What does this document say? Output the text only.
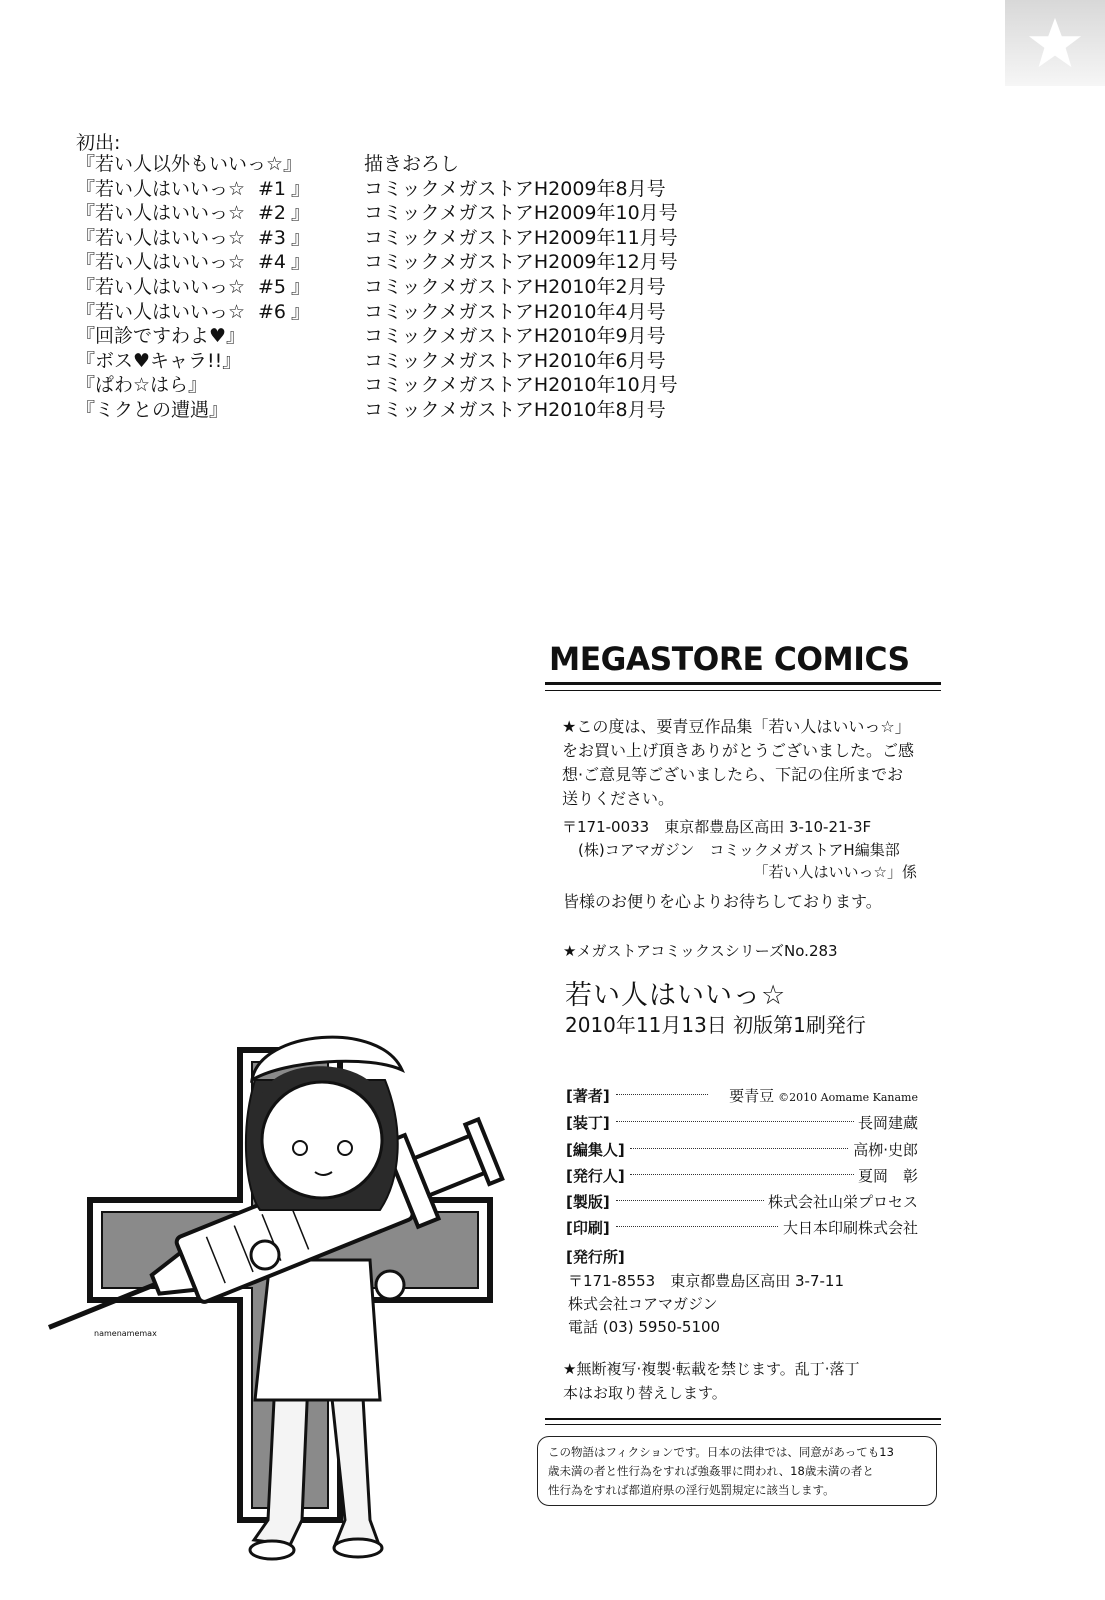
初出:
『若い人以外もいいっ☆』	描きおろし
『若い人はいいっ☆ #1 』	コミックメガストアH2009年8月号
『若い人はいいっ☆ #2 』	コミックメガストアH2009年10月号
『若い人はいいっ☆ #3 』	コミックメガストアH2009年11月号
『若い人はいいっ☆ #4 』	コミックメガストアH2009年12月号
『若い人はいいっ☆ #5 』	コミックメガストアH2010年2月号
『若い人はいいっ☆ #6 』	コミックメガストアH2010年4月号
『回診ですわよ♥』	コミックメガストアH2010年9月号
『ボス♥キャラ!!』	コミックメガストアH2010年6月号
『ぱわ☆はら』	コミックメガストアH2010年10月号
『ミクとの遭遇』	コミックメガストアH2010年8月号
namenamemax
MEGASTORE COMICS
★この度は、要青豆作品集「若い人はいいっ☆」
をお買い上げ頂きありがとうございました。ご感
想·ご意見等ございましたら、下記の住所までお
送りください。
〒171-0033　東京都豊島区高田 3-10-21-3F
(株)コアマガジン　コミックメガストアH編集部
「若い人はいいっ☆」係
皆様のお便りを心よりお待ちしております。
★メガストアコミックスシリーズNo.283
若い人はいいっ☆
2010年11月13日 初版第1刷発行
[著者]	要青豆 ©2010 Aomame Kaname
[装丁]	長岡建蔵
[編集人]	高栁·史郎
[発行人]	夏岡　彰
[製版]	株式会社山栄プロセス
[印刷]	大日本印刷株式会社
[発行所]
〒171-8553　東京都豊島区高田 3-7-11
株式会社コアマガジン
電話 (03) 5950-5100
★無断複写·複製·転載を禁じます。乱丁·落丁
本はお取り替えします。
この物語はフィクションです。日本の法律では、同意があっても13
歳未満の者と性行為をすれば強姦罪に問われ、18歳未満の者と
性行為をすれば都道府県の淫行処罰規定に該当します。
